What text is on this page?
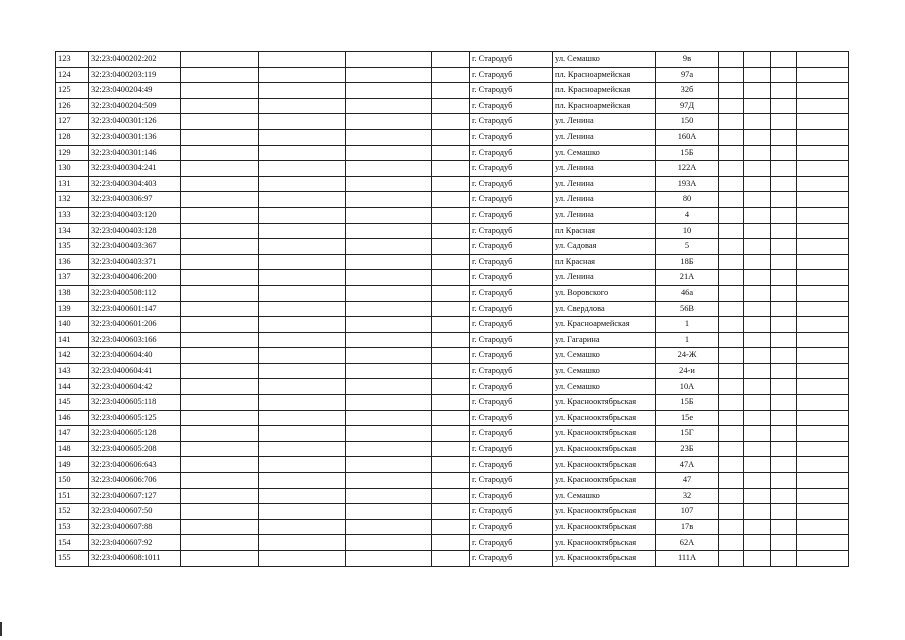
123	32:23:0400202:202					г. Стародуб	ул. Семашко	9в				
124	32:23:0400203:119					г. Стародуб	пл. Красноармейская	97а				
125	32:23:0400204:49					г. Стародуб	пл. Красноармейская	32б				
126	32:23:0400204:509					г. Стародуб	пл. Красноармейская	97Д				
127	32:23:0400301:126					г. Стародуб	ул. Ленина	150				
128	32:23:0400301:136					г. Стародуб	ул. Ленина	160А				
129	32:23:0400301:146					г. Стародуб	ул. Семашко	15Б				
130	32:23:0400304:241					г. Стародуб	ул. Ленина	122А				
131	32:23:0400304:403					г. Стародуб	ул. Ленина	193А				
132	32:23:0400306:97					г. Стародуб	ул. Ленина	80				
133	32:23:0400403:120					г. Стародуб	ул. Ленина	4				
134	32:23:0400403:128					г. Стародуб	пл Красная	10				
135	32:23:0400403:367					г. Стародуб	ул. Садовая	5				
136	32:23:0400403:371					г. Стародуб	пл Красная	18Б				
137	32:23:0400406:200					г. Стародуб	ул. Ленина	21А				
138	32:23:0400508:112					г. Стародуб	ул. Воровского	46а				
139	32:23:0400601:147					г. Стародуб	ул. Свердлова	56В				
140	32:23:0400601:206					г. Стародуб	ул. Красноармейская	1				
141	32:23:0400603:166					г. Стародуб	ул. Гагарина	1				
142	32:23:0400604:40					г. Стародуб	ул. Семашко	24-Ж				
143	32:23:0400604:41					г. Стародуб	ул. Семашко	24-и				
144	32:23:0400604:42					г. Стародуб	ул. Семашко	10А				
145	32:23:0400605:118					г. Стародуб	ул. Краснооктябрьская	15Б				
146	32:23:0400605:125					г. Стародуб	ул. Краснооктябрьская	15е				
147	32:23:0400605:128					г. Стародуб	ул. Краснооктябрьская	15Г				
148	32:23:0400605:208					г. Стародуб	ул. Краснооктябрьская	23Б				
149	32:23:0400606:643					г. Стародуб	ул. Краснооктябрьская	47А				
150	32:23:0400606:706					г. Стародуб	ул. Краснооктябрьская	47				
151	32:23:0400607:127					г. Стародуб	ул. Семашко	32				
152	32:23:0400607:50					г. Стародуб	ул. Краснооктябрьская	107				
153	32:23:0400607:88					г. Стародуб	ул. Краснооктябрьская	17в				
154	32:23:0400607:92					г. Стародуб	ул. Краснооктябрьская	62А				
155	32:23:0400608:1011					г. Стародуб	ул. Краснооктябрьская	111А				
